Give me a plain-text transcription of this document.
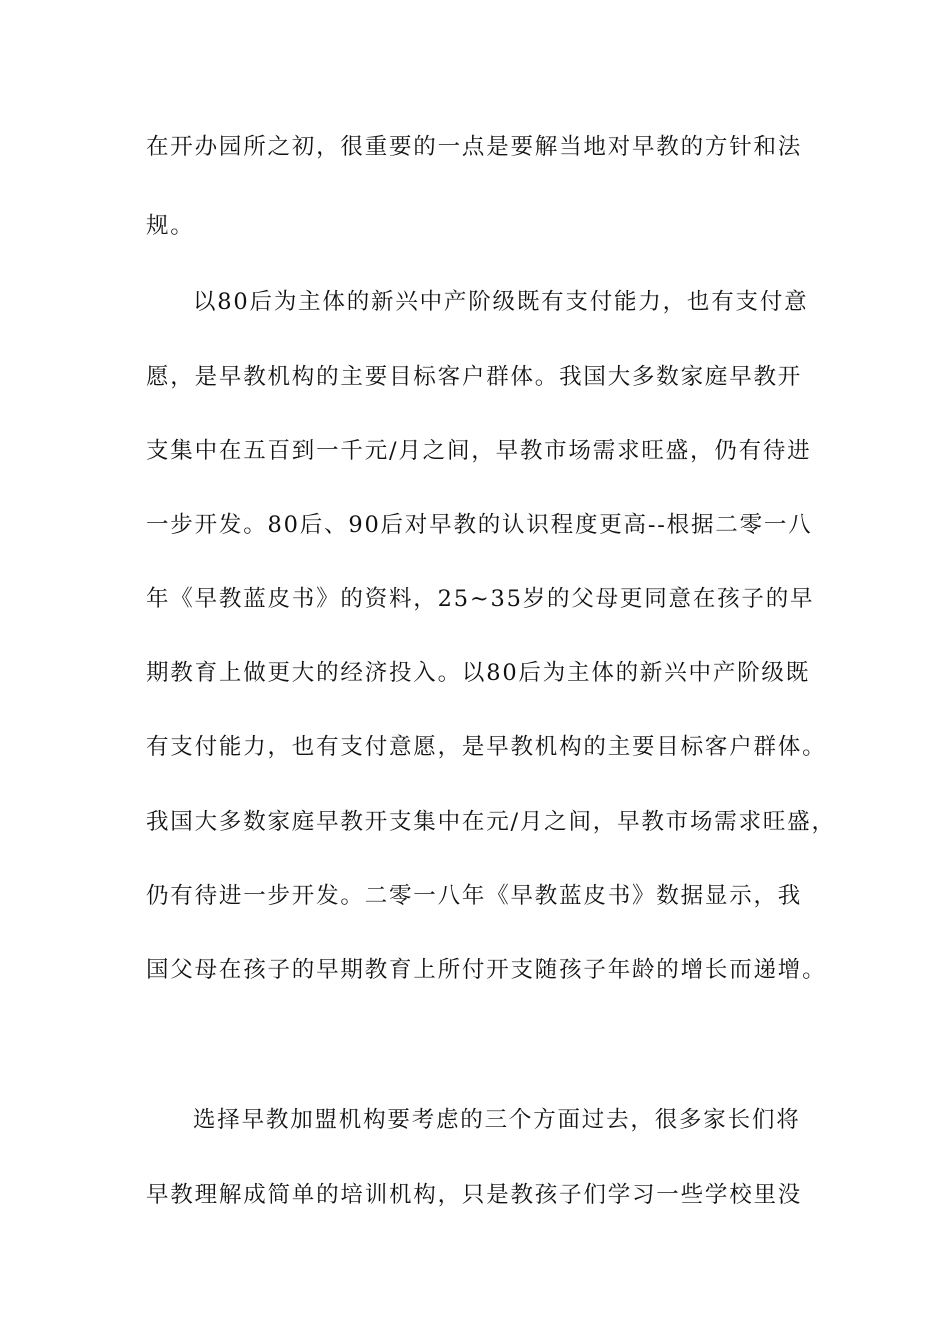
在开办园所之初，很重要的一点是要解当地对早教的方针和法
规。
以80后为主体的新兴中产阶级既有支付能力，也有支付意
愿，是早教机构的主要目标客户群体。我国大多数家庭早教开
支集中在五百到一千元/月之间，早教市场需求旺盛，仍有待进
一步开发。80后、90后对早教的认识程度更高--根据二零一八
年《早教蓝皮书》的资料，25~35岁的父母更同意在孩子的早
期教育上做更大的经济投入。以80后为主体的新兴中产阶级既
有支付能力，也有支付意愿，是早教机构的主要目标客户群体。
我国大多数家庭早教开支集中在元/月之间，早教市场需求旺盛，
仍有待进一步开发。二零一八年《早教蓝皮书》数据显示，我
国父母在孩子的早期教育上所付开支随孩子年龄的增长而递增。
选择早教加盟机构要考虑的三个方面过去，很多家长们将
早教理解成简单的培训机构，只是教孩子们学习一些学校里没
